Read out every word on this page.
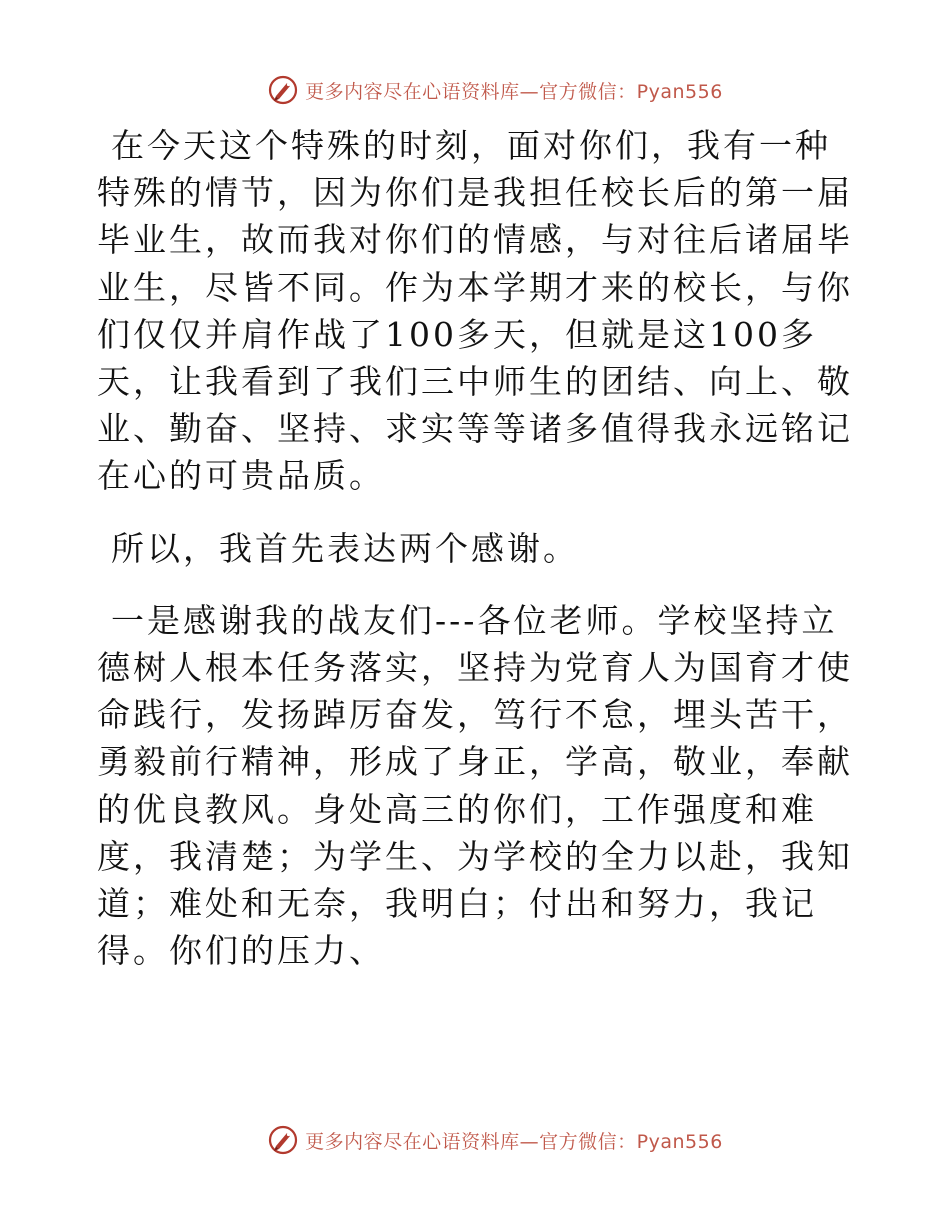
更多内容尽在心语资料库—官方微信：Pyan556

在今天这个特殊的时刻，面对你们，我有一种特殊的情节，因为你们是我担任校长后的第一届毕业生，故而我对你们的情感，与对往后诸届毕业生，尽皆不同。作为本学期才来的校长，与你们仅仅并肩作战了100多天，但就是这100多天，让我看到了我们三中师生的团结、向上、敬业、勤奋、坚持、求实等等诸多值得我永远铭记在心的可贵品质。

所以，我首先表达两个感谢。

一是感谢我的战友们---各位老师。学校坚持立德树人根本任务落实，坚持为党育人为国育才使命践行，发扬踔厉奋发，笃行不怠，埋头苦干，勇毅前行精神，形成了身正，学高，敬业，奉献的优良教风。身处高三的你们，工作强度和难度，我清楚；为学生、为学校的全力以赴，我知道；难处和无奈，我明白；付出和努力，我记得。你们的压力、

更多内容尽在心语资料库—官方微信：Pyan556
